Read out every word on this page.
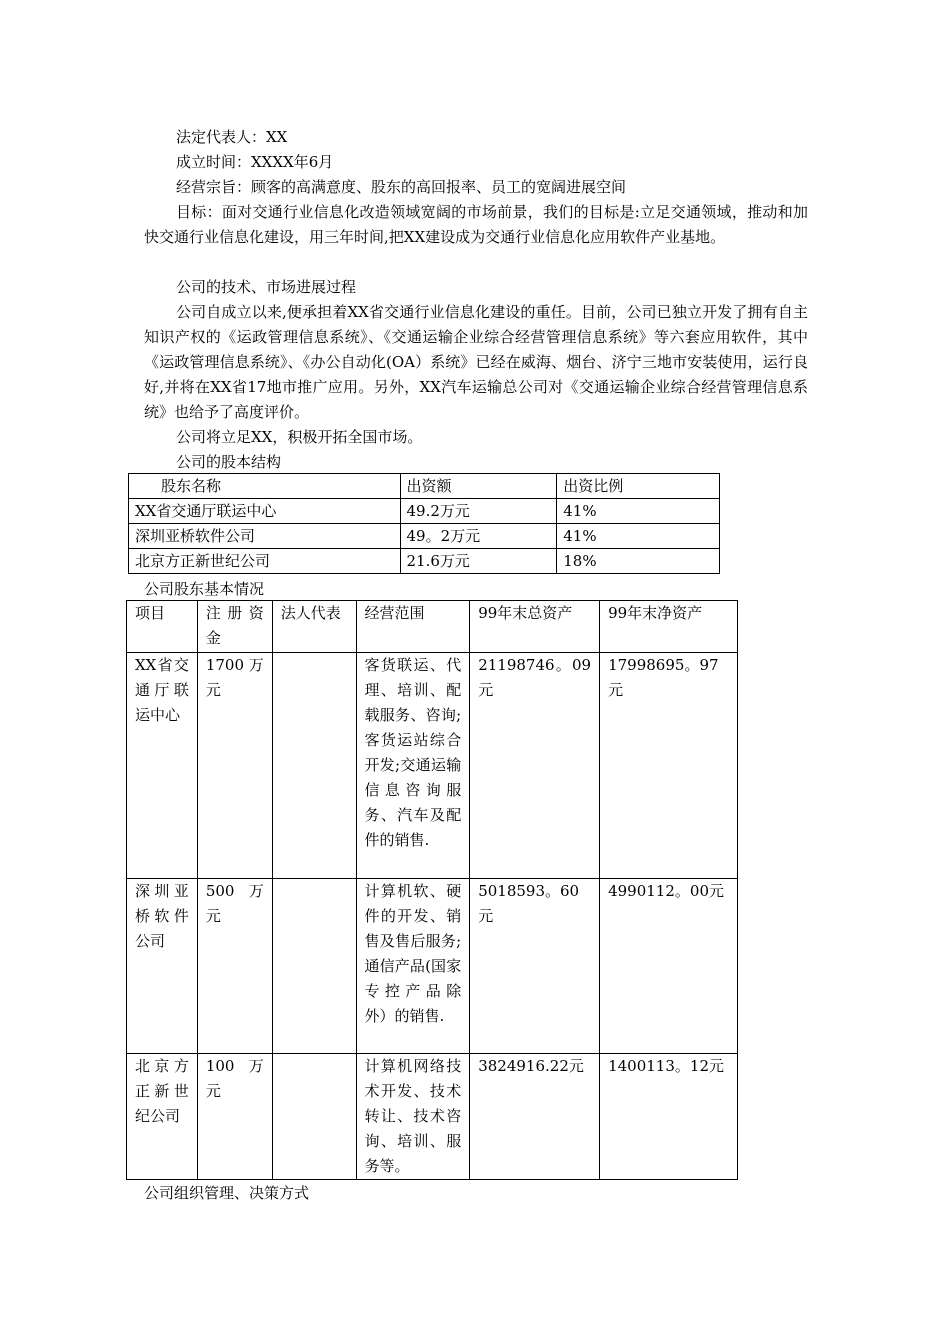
法定代表人：XX
成立时间：XXXX年6月
经营宗旨：顾客的高满意度、股东的高回报率、员工的宽阔进展空间
目标：面对交通行业信息化改造领域宽阔的市场前景，我们的目标是:立足交通领域，推动和加快交通行业信息化建设，用三年时间,把XX建设成为交通行业信息化应用软件产业基地。
公司的技术、市场进展过程
公司自成立以来,便承担着XX省交通行业信息化建设的重任。目前，公司已独立开发了拥有自主知识产权的《运政管理信息系统》、《交通运输企业综合经营管理信息系统》等六套应用软件，其中《运政管理信息系统》、《办公自动化(OA）系统》已经在威海、烟台、济宁三地市安装使用，运行良好,并将在XX省17地市推广应用。另外，XX汽车运输总公司对《交通运输企业综合经营管理信息系统》也给予了高度评价。
公司将立足XX，积极开拓全国市场。
公司的股本结构
股东名称	出资额	出资比例
XX省交通厅联运中心	49.2万元	41%
深圳亚桥软件公司	49。2万元	41%
北京方正新世纪公司	21.6万元	18%
公司股东基本情况
项目	注册资金	法人代表	经营范围	99年末总资产	99年末净资产
XX省交通厅联运中心	1700万元		客货联运、代理、培训、配载服务、咨询;客货运站综合开发;交通运输信息咨询服务、汽车及配件的销售.	21198746。09元	17998695。97元
深圳亚桥软件公司	500 万元		计算机软、硬件的开发、销售及售后服务;通信产品(国家专控产品除外）的销售.	5018593。60元	4990112。00元
北京方正新世纪公司	100 万元		计算机网络技术开发、技术转让、技术咨询、培训、服务等。	3824916.22元	1400113。12元
公司组织管理、决策方式
